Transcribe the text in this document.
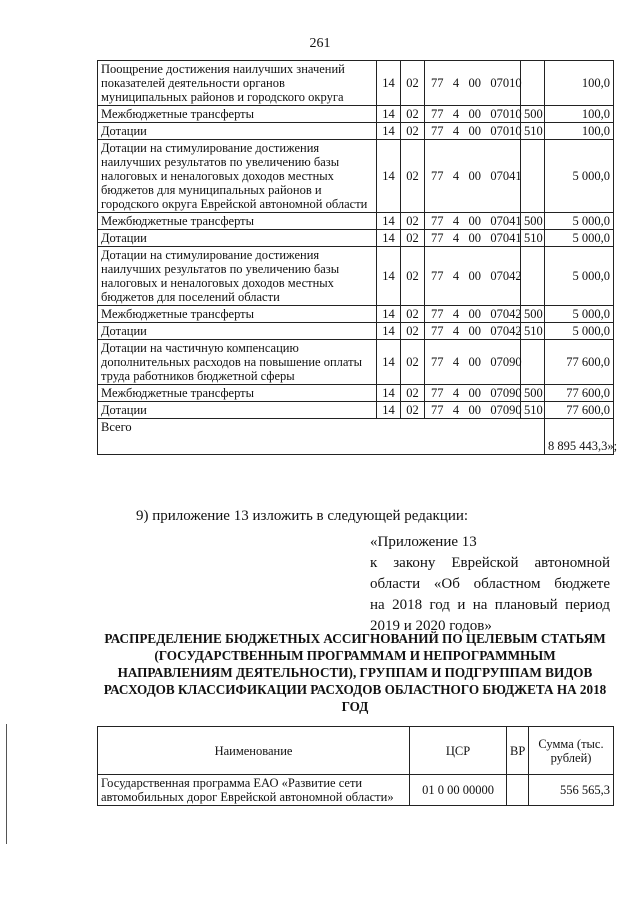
261
Поощрение достижения наилучших значений показателей деятельности органов муниципальных районов и городского округа	14	02	77   4   00   07010		100,0
Межбюджетные трансферты	14	02	77   4   00   07010	500	100,0
Дотации	14	02	77   4   00   07010	510	100,0
Дотации на стимулирование достижения наилучших результатов по увеличению базы налоговых и неналоговых доходов местных бюджетов для муниципальных районов и городского округа Еврейской автономной области	14	02	77   4   00   07041		5 000,0
Межбюджетные трансферты	14	02	77   4   00   07041	500	5 000,0
Дотации	14	02	77   4   00   07041	510	5 000,0
Дотации на стимулирование достижения наилучших результатов по увеличению базы налоговых и неналоговых доходов местных бюджетов для поселений области	14	02	77   4   00   07042		5 000,0
Межбюджетные трансферты	14	02	77   4   00   07042	500	5 000,0
Дотации	14	02	77   4   00   07042	510	5 000,0
Дотации на частичную компенсацию дополнительных расходов на повышение оплаты труда работников бюджетной сферы	14	02	77   4   00   07090		77 600,0
Межбюджетные трансферты	14	02	77   4   00   07090	500	77 600,0
Дотации	14	02	77   4   00   07090	510	77 600,0
Всего					8 895 443,3»;
9) приложение 13 изложить в следующей редакции:
«Приложение 13
к закону Еврейской автономной
области «Об областном бюджете
на 2018 год и на плановый период
2019 и 2020 годов»
РАСПРЕДЕЛЕНИЕ БЮДЖЕТНЫХ АССИГНОВАНИЙ ПО ЦЕЛЕВЫМ СТАТЬЯМ (ГОСУДАРСТВЕННЫМ ПРОГРАММАМ И НЕПРОГРАММНЫМ НАПРАВЛЕНИЯМ ДЕЯТЕЛЬНОСТИ), ГРУППАМ И ПОДГРУППАМ ВИДОВ РАСХОДОВ КЛАССИФИКАЦИИ РАСХОДОВ ОБЛАСТНОГО БЮДЖЕТА НА 2018 ГОД
Наименование	ЦСР	ВР	Сумма (тыс. рублей)
Государственная программа ЕАО «Развитие сети автомобильных дорог Еврейской автономной области»	01 0 00 00000		556 565,3
